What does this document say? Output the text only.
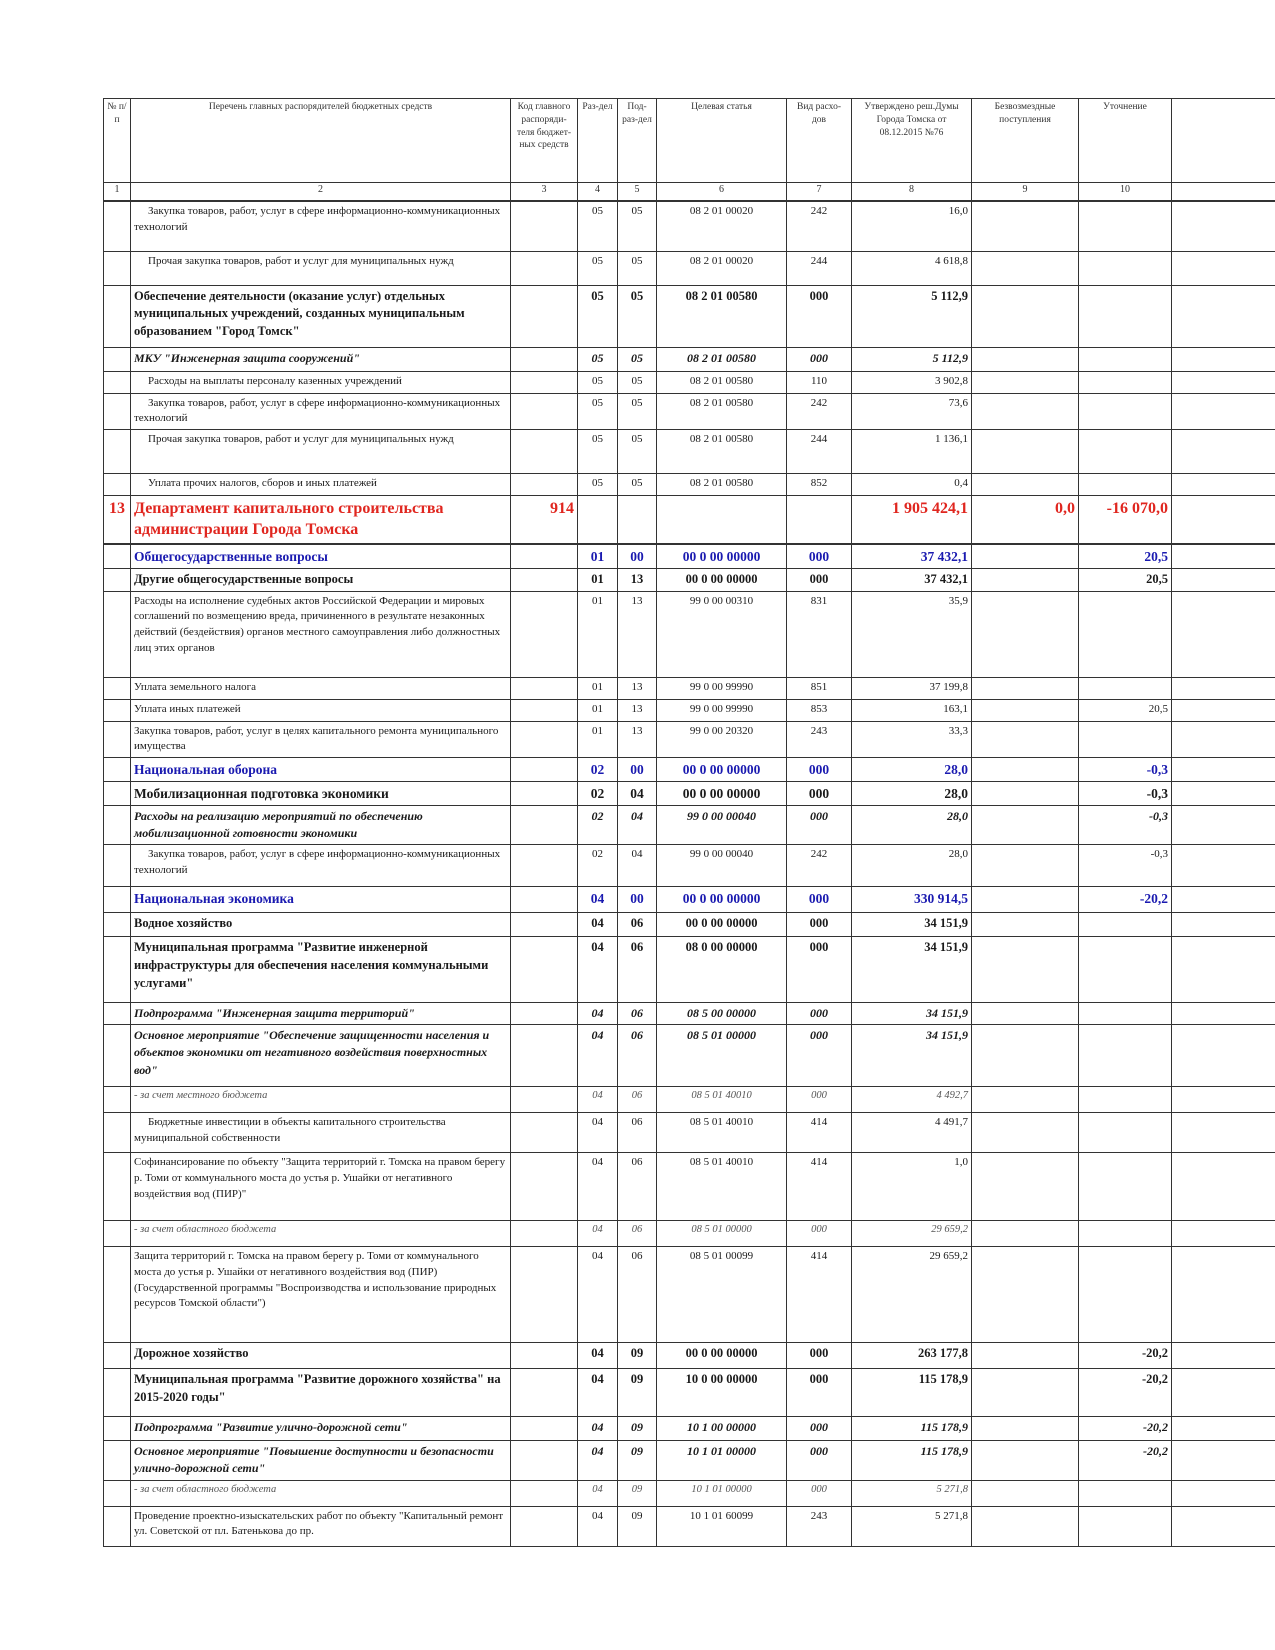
№ п/п	Перечень главных распорядителей бюджетных средств	Код главного распоряди-теля бюджет-ных средств	Раз-дел	Под-раз-дел	Целевая статья	Вид расхо-дов	Утверждено реш.Думы Города Томска от 08.12.2015 №76	Безвозмездные поступления	Уточнение	
1	2	3	4	5	6	7	8	9	10	
	Закупка товаров, работ, услуг в сфере информационно-коммуникационных технологий		05	05	08 2 01 00020	242	16,0			
	Прочая закупка товаров, работ и услуг для муниципальных нужд		05	05	08 2 01 00020	244	4 618,8			
	Обеспечение деятельности (оказание услуг) отдельных муниципальных учреждений, созданных муниципальным образованием "Город Томск"		05	05	08 2 01 00580	000	5 112,9			
	МКУ "Инженерная защита сооружений"		05	05	08 2 01 00580	000	5 112,9			
	Расходы на выплаты персоналу казенных учреждений		05	05	08 2 01 00580	110	3 902,8			
	Закупка товаров, работ, услуг в сфере информационно-коммуникационных технологий		05	05	08 2 01 00580	242	73,6			
	Прочая закупка товаров, работ и услуг для муниципальных нужд		05	05	08 2 01 00580	244	1 136,1			
	Уплата прочих налогов, сборов и иных платежей		05	05	08 2 01 00580	852	0,4			
13	Департамент капитального строительства администрации Города Томска	914					1 905 424,1	0,0	-16 070,0	
	Общегосударственные вопросы		01	00	00 0 00 00000	000	37 432,1		20,5	
	Другие общегосударственные вопросы		01	13	00 0 00 00000	000	37 432,1		20,5	
	Расходы на исполнение судебных актов Российской Федерации и мировых соглашений по возмещению вреда, причиненного в результате незаконных действий (бездействия) органов местного самоуправления либо должностных лиц этих органов		01	13	99 0 00 00310	831	35,9			
	Уплата земельного налога		01	13	99 0 00 99990	851	37 199,8			
	Уплата иных платежей		01	13	99 0 00 99990	853	163,1		20,5	
	Закупка товаров, работ, услуг в целях капитального ремонта муниципального имущества		01	13	99 0 00 20320	243	33,3			
	Национальная оборона		02	00	00 0 00 00000	000	28,0		-0,3	
	Мобилизационная подготовка экономики		02	04	00 0 00 00000	000	28,0		-0,3	
	Расходы на реализацию мероприятий по обеспечению мобилизационной готовности экономики		02	04	99 0 00 00040	000	28,0		-0,3	
	Закупка товаров, работ, услуг в сфере информационно-коммуникационных технологий		02	04	99 0 00 00040	242	28,0		-0,3	
	Национальная экономика		04	00	00 0 00 00000	000	330 914,5		-20,2	
	Водное хозяйство		04	06	00 0 00 00000	000	34 151,9			
	Муниципальная программа "Развитие инженерной инфраструктуры для обеспечения населения коммунальными услугами"		04	06	08 0 00 00000	000	34 151,9			
	Подпрограмма "Инженерная защита территорий"		04	06	08 5 00 00000	000	34 151,9			
	Основное мероприятие "Обеспечение защищенности населения и объектов экономики от негативного воздействия поверхностных вод"		04	06	08 5 01 00000	000	34 151,9			
	- за счет местного бюджета		04	06	08 5 01 40010	000	4 492,7			
	Бюджетные инвестиции в объекты капитального строительства муниципальной собственности		04	06	08 5 01 40010	414	4 491,7			
	Софинансирование по объекту "Защита территорий г. Томска на правом берегу р. Томи от коммунального моста до устья р. Ушайки от негативного воздействия вод (ПИР)"		04	06	08 5 01 40010	414	1,0			
	- за счет областного бюджета		04	06	08 5 01 00000	000	29 659,2			
	Защита территорий г. Томска на правом берегу р. Томи от коммунального моста до устья р. Ушайки от негативного воздействия вод (ПИР) (Государственной программы "Воспроизводства и использование природных ресурсов Томской области")		04	06	08 5 01 00099	414	29 659,2			
	Дорожное хозяйство		04	09	00 0 00 00000	000	263 177,8		-20,2	
	Муниципальная программа "Развитие дорожного хозяйства" на 2015-2020 годы"		04	09	10 0 00 00000	000	115 178,9		-20,2	
	Подпрограмма "Развитие улично-дорожной сети"		04	09	10 1 00 00000	000	115 178,9		-20,2	
	Основное мероприятие "Повышение доступности и безопасности улично-дорожной сети"		04	09	10 1 01 00000	000	115 178,9		-20,2	
	- за счет областного бюджета		04	09	10 1 01 00000	000	5 271,8			
	Проведение проектно-изыскательских работ по объекту "Капитальный ремонт ул. Советской от пл. Батенькова до пр.		04	09	10 1 01 60099	243	5 271,8			
